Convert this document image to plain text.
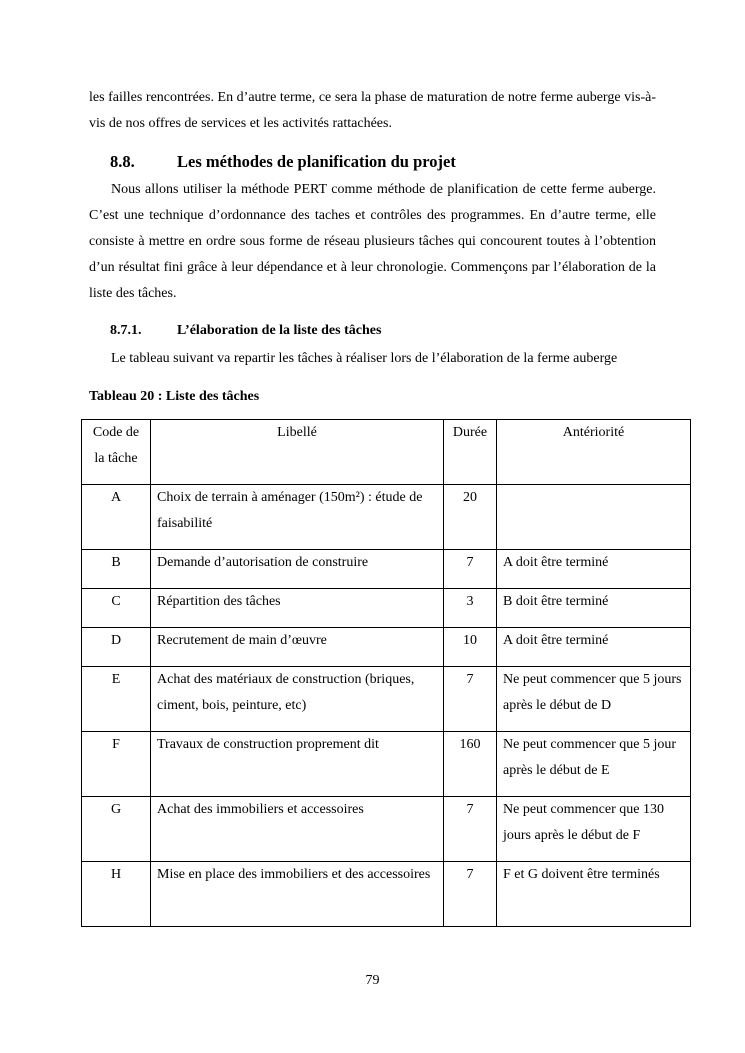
les failles rencontrées. En d’autre terme, ce sera la phase de maturation de notre ferme auberge vis-à-vis de nos offres de services et les activités rattachées.

8.8.	Les méthodes de planification du projet

Nous allons utiliser la méthode PERT comme méthode de planification de cette ferme auberge. C’est une technique d’ordonnance des taches et contrôles des programmes. En d’autre terme, elle consiste à mettre en ordre sous forme de réseau plusieurs tâches qui concourent toutes à l’obtention d’un résultat fini grâce à leur dépendance et à leur chronologie. Commençons par l’élaboration de la liste des tâches.

8.7.1.	L’élaboration de la liste des tâches

Le tableau suivant va repartir les tâches à réaliser lors de l’élaboration de la ferme auberge

Tableau 20 : Liste des tâches

Code de la tâche	Libellé	Durée	Antériorité
A	Choix de terrain à aménager (150m²) : étude de faisabilité	20	
B	Demande d’autorisation de construire	7	A doit être terminé
C	Répartition des tâches	3	B doit être terminé
D	Recrutement de main d’œuvre	10	A doit être terminé
E	Achat des matériaux de construction (briques, ciment, bois, peinture, etc)	7	Ne peut commencer que 5 jours après le début de D
F	Travaux de construction proprement dit	160	Ne peut commencer que 5 jour après le début de E
G	Achat des immobiliers et accessoires	7	Ne peut commencer que 130 jours après le début de F
H	Mise en place des immobiliers et des accessoires	7	F et G doivent être terminés
79
